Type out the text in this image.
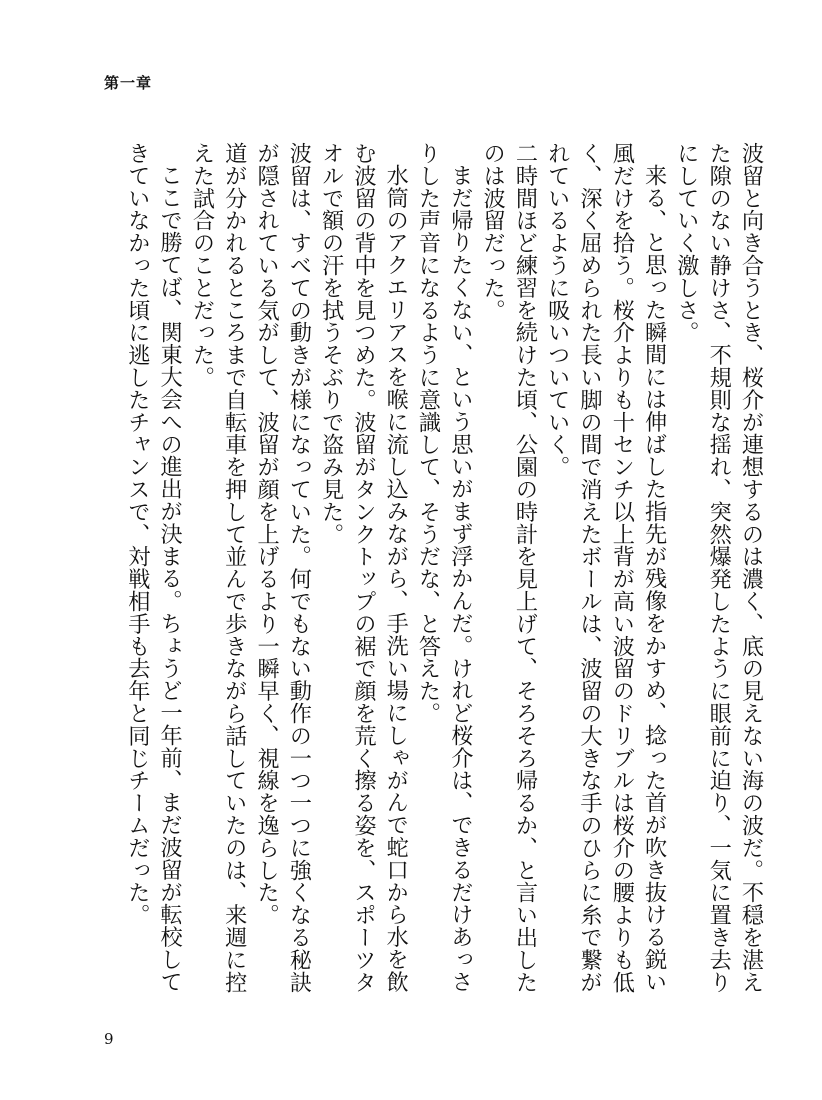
第一章

波留と向き合うとき、桜介が連想するのは濃く、底の見えない海の波だ。不穏を湛えた隙のない静けさ、不規則な揺れ、突然爆発したように眼前に迫り、一気に置き去りにしていく激しさ。

来る、と思った瞬間には伸ばした指先が残像をかすめ、捻った首が吹き抜ける鋭い風だけを拾う。桜介よりも十センチ以上背が高い波留のドリブルは桜介の腰よりも低く、深く屈められた長い脚の間で消えたボールは、波留の大きな手のひらに糸で繋がれているように吸いついていく。

二時間ほど練習を続けた頃、公園の時計を見上げて、そろそろ帰るか、と言い出したのは波留だった。

まだ帰りたくない、という思いがまず浮かんだ。けれど桜介は、できるだけあっさりした声音になるように意識して、そうだな、と答えた。

水筒のアクエリアスを喉に流し込みながら、手洗い場にしゃがんで蛇口から水を飲む波留の背中を見つめた。波留がタンクトップの裾で顔を荒く擦る姿を、スポーツタオルで額の汗を拭うそぶりで盗み見た。

波留は、すべての動きが様になっていた。何でもない動作の一つ一つに強くなる秘訣が隠されている気がして、波留が顔を上げるより一瞬早く、視線を逸らした。

道が分かれるところまで自転車を押して並んで歩きながら話していたのは、来週に控えた試合のことだった。

ここで勝てば、関東大会への進出が決まる。ちょうど一年前、まだ波留が転校してきていなかった頃に逃したチャンスで、対戦相手も去年と同じチームだった。

9
